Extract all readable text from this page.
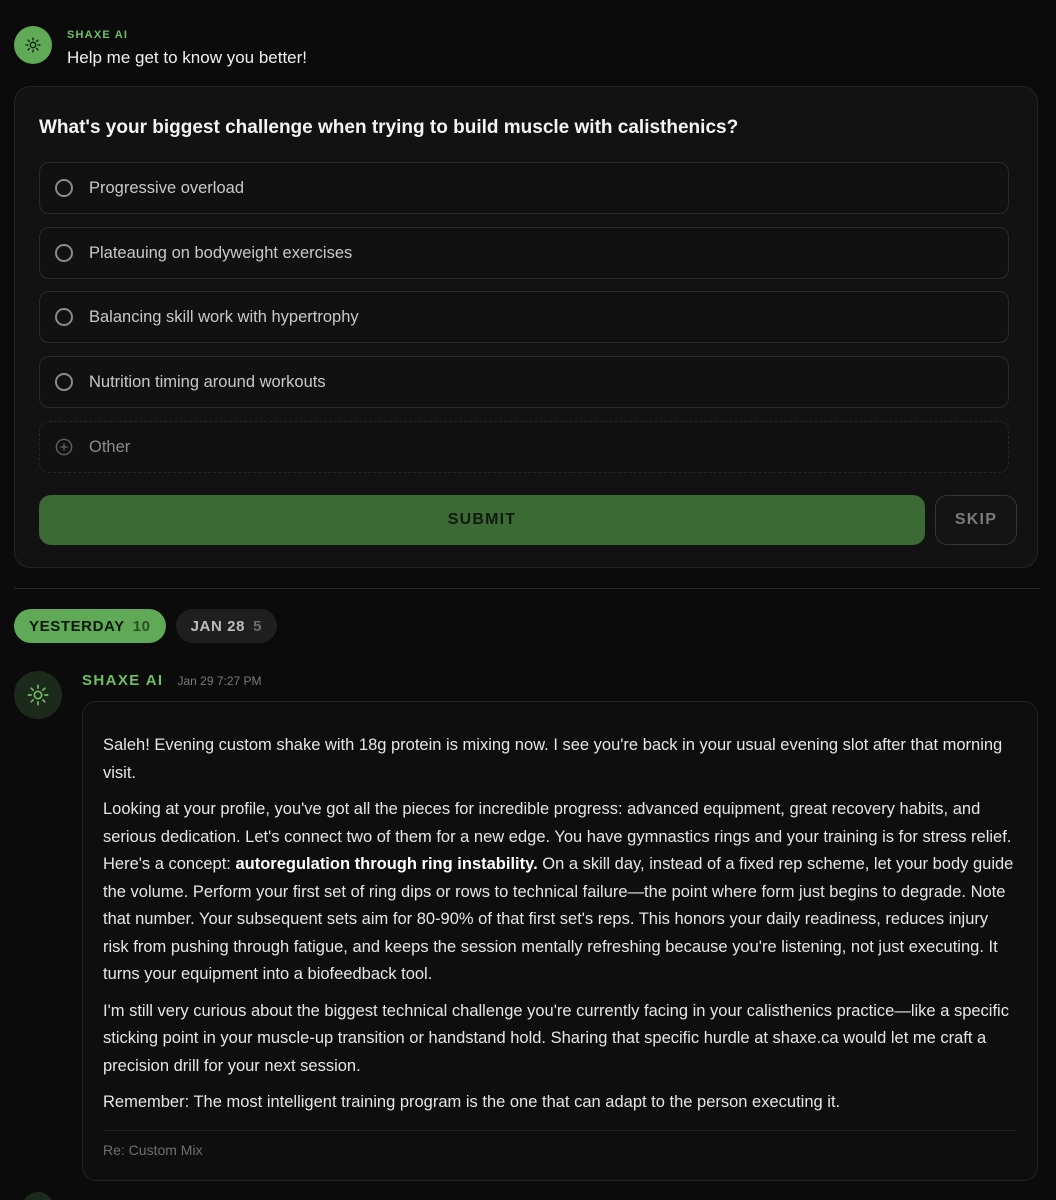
SHAXE AI
Help me get to know you better!
What's your biggest challenge when trying to build muscle with calisthenics?
Progressive overload
Plateauing on bodyweight exercises
Balancing skill work with hypertrophy
Nutrition timing around workouts
Other
SUBMIT	SKIP
YESTERDAY 10	JAN 28 5
SHAXE AI Jan 29 7:27 PM

Saleh! Evening custom shake with 18g protein is mixing now. I see you're back in your usual evening slot after that morning visit.

Looking at your profile, you've got all the pieces for incredible progress: advanced equipment, great recovery habits, and serious dedication. Let's connect two of them for a new edge. You have gymnastics rings and your training is for stress relief. Here's a concept: autoregulation through ring instability. On a skill day, instead of a fixed rep scheme, let your body guide the volume. Perform your first set of ring dips or rows to technical failure—the point where form just begins to degrade. Note that number. Your subsequent sets aim for 80-90% of that first set's reps. This honors your daily readiness, reduces injury risk from pushing through fatigue, and keeps the session mentally refreshing because you're listening, not just executing. It turns your equipment into a biofeedback tool.

I'm still very curious about the biggest technical challenge you're currently facing in your calisthenics practice—like a specific sticking point in your muscle-up transition or handstand hold. Sharing that specific hurdle at shaxe.ca would let me craft a precision drill for your next session.

Remember: The most intelligent training program is the one that can adapt to the person executing it.

Re: Custom Mix
